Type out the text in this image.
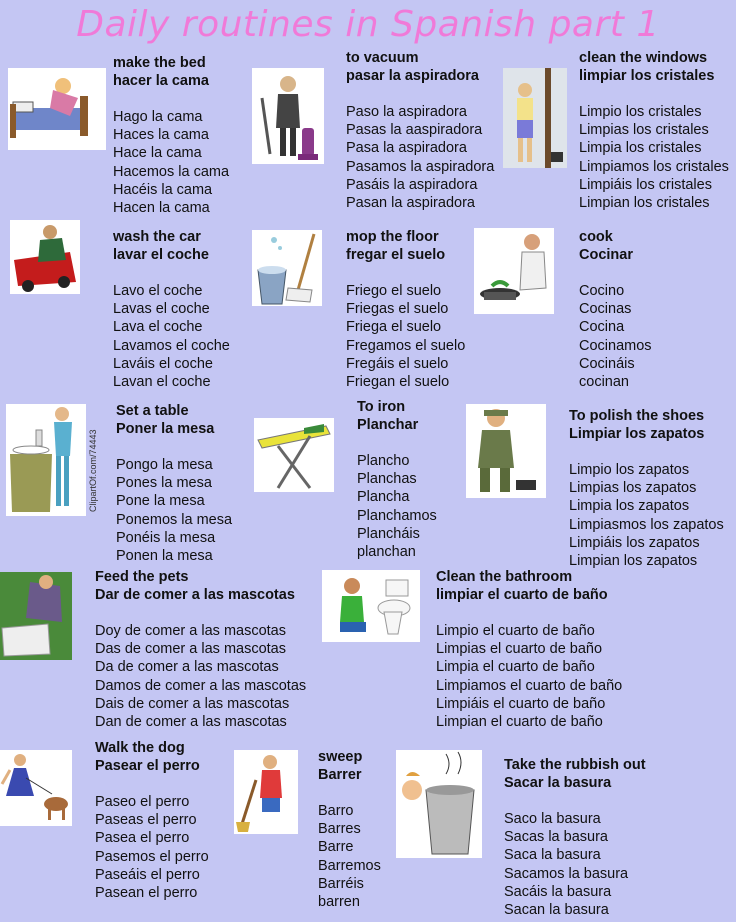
Daily routines in Spanish part 1
ClipartOf.com/74443
make the bed
hacer la cama
Hago la cama
Haces la cama
Hace la cama
Hacemos la cama
Hacéis la cama
Hacen la cama
to vacuum
pasar la aspiradora
Paso la aspiradora
Pasas la aaspiradora
Pasa la aspiradora
Pasamos la aspiradora
Pasáis la aspiradora
Pasan la aspiradora
clean the windows
limpiar los cristales
Limpio los cristales
Limpias los cristales
Limpia los cristales
Limpiamos los cristales
Limpiáis los cristales
Limpian los cristales
wash the car
lavar el coche
Lavo el coche
Lavas el coche
Lava el coche
Lavamos el coche
Laváis el coche
Lavan el coche
mop the floor
fregar el suelo
Friego el suelo
Friegas el suelo
Friega el suelo
Fregamos el suelo
Fregáis el suelo
Friegan el suelo
cook
Cocinar
Cocino
Cocinas
Cocina
Cocinamos
Cocináis
cocinan
Set a table
Poner la mesa
Pongo la mesa
Pones la mesa
Pone la mesa
Ponemos la mesa
Ponéis la mesa
Ponen la mesa
To iron
Planchar
Plancho
Planchas
Plancha
Planchamos
Plancháis
planchan
To polish the shoes
Limpiar los zapatos
Limpio los zapatos
Limpias los zapatos
Limpia los zapatos
Limpiasmos los zapatos
Limpiáis los zapatos
Limpian los zapatos
Feed the pets
Dar de comer a las mascotas
Doy de comer a las mascotas
Das de comer a las mascotas
Da de comer a las mascotas
Damos de comer a las mascotas
Dais de comer a las mascotas
Dan de comer a las mascotas
Clean the bathroom
limpiar el cuarto de baño
Limpio el cuarto de baño
Limpias el cuarto de baño
Limpia el cuarto de baño
Limpiamos el cuarto de baño
Limpiáis el cuarto de baño
Limpian el cuarto de baño
Walk the dog
Pasear el perro
Paseo el perro
Paseas el perro
Pasea el perro
Pasemos el perro
Paseáis el perro
Pasean el perro
sweep
Barrer
Barro
Barres
Barre
Barremos
Barréis
barren
Take the rubbish out
Sacar la basura
Saco la basura
Sacas la basura
Saca la basura
Sacamos la basura
Sacáis la basura
Sacan la basura
